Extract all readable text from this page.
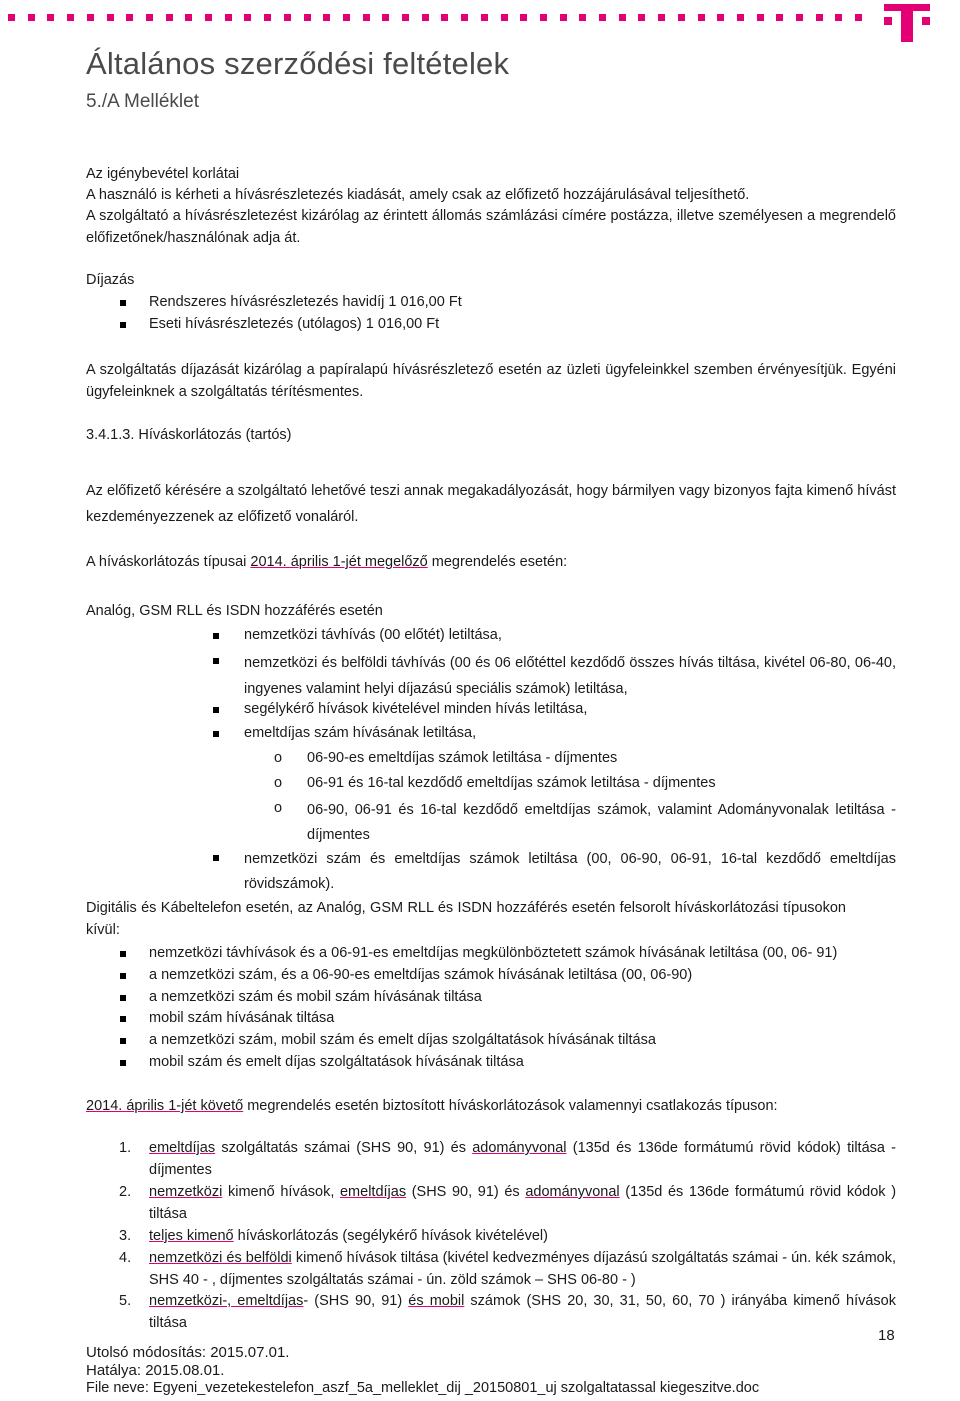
Általános szerződési feltételek
5./A Melléklet
Az igénybevétel korlátai
A használó is kérheti a hívásrészletezés kiadását, amely csak az előfizető hozzájárulásával teljesíthető.
A szolgáltató a hívásrészletezést kizárólag az érintett állomás számlázási címére postázza, illetve személyesen a megrendelő előfizetőnek/használónak adja át.
Díjazás
Rendszeres hívásrészletezés havidíj 1 016,00 Ft
Eseti hívásrészletezés (utólagos) 1 016,00 Ft
A szolgáltatás díjazását kizárólag a papíralapú hívásrészletező esetén az üzleti ügyfeleinkkel szemben érvényesítjük. Egyéni ügyfeleinknek a szolgáltatás térítésmentes.
3.4.1.3. Híváskorlátozás (tartós)
Az előfizető kérésére a szolgáltató lehetővé teszi annak megakadályozását, hogy bármilyen vagy bizonyos fajta kimenő hívást kezdeményezzenek az előfizető vonaláról.
A híváskorlátozás típusai 2014. április 1-jét megelőző megrendelés esetén:
Analóg, GSM RLL és ISDN hozzáférés esetén
nemzetközi távhívás (00 előtét) letiltása,
nemzetközi és belföldi távhívás (00 és 06 előtéttel kezdődő összes hívás tiltása, kivétel 06-80, 06-40, ingyenes valamint helyi díjazású speciális számok) letiltása,
segélykérő hívások kivételével minden hívás letiltása,
emeltdíjas szám hívásának letiltása,
o 06-90-es emeltdíjas számok letiltása - díjmentes
o 06-91 és 16-tal kezdődő emeltdíjas számok letiltása - díjmentes
o 06-90, 06-91 és 16-tal kezdődő emeltdíjas számok, valamint Adományvonalak letiltása - díjmentes
nemzetközi szám és emeltdíjas számok letiltása (00, 06-90, 06-91, 16-tal kezdődő emeltdíjas rövidszámok).
Digitális és Kábeltelefon esetén, az Analóg, GSM RLL és ISDN hozzáférés esetén felsorolt híváskorlátozási típusokon kívül:
nemzetközi távhívások és a 06-91-es emeltdíjas megkülönböztetett számok hívásának letiltása (00, 06- 91)
a nemzetközi szám, és a 06-90-es emeltdíjas számok hívásának letiltása (00, 06-90)
a nemzetközi szám és mobil szám hívásának tiltása
mobil szám hívásának tiltása
a nemzetközi szám, mobil szám és emelt díjas szolgáltatások hívásának tiltása
mobil szám és emelt díjas szolgáltatások hívásának tiltása
2014. április 1-jét követő megrendelés esetén biztosított híváskorlátozások valamennyi csatlakozás típuson:
1. emeltdíjas szolgáltatás számai (SHS 90, 91) és adományvonal (135d és 136de formátumú rövid kódok) tiltása - díjmentes
2. nemzetközi kimenő hívások, emeltdíjas (SHS 90, 91) és adományvonal (135d és 136de formátumú rövid kódok ) tiltása
3. teljes kimenő híváskorlátozás (segélykérő hívások kivételével)
4. nemzetközi és belföldi kimenő hívások tiltása (kivétel kedvezményes díjazású szolgáltatás számai - ún. kék számok, SHS 40 - , díjmentes szolgáltatás számai - ún. zöld számok – SHS 06-80 - )
5. nemzetközi-, emeltdíjas- (SHS 90, 91) és mobil számok (SHS 20, 30, 31, 50, 60, 70 ) irányába kimenő hívások tiltása
18
Utolsó módosítás: 2015.07.01.
Hatálya: 2015.08.01.
File neve: Egyeni_vezetekestelefon_aszf_5a_melleklet_dij _20150801_uj szolgaltatassal kiegeszitve.doc
